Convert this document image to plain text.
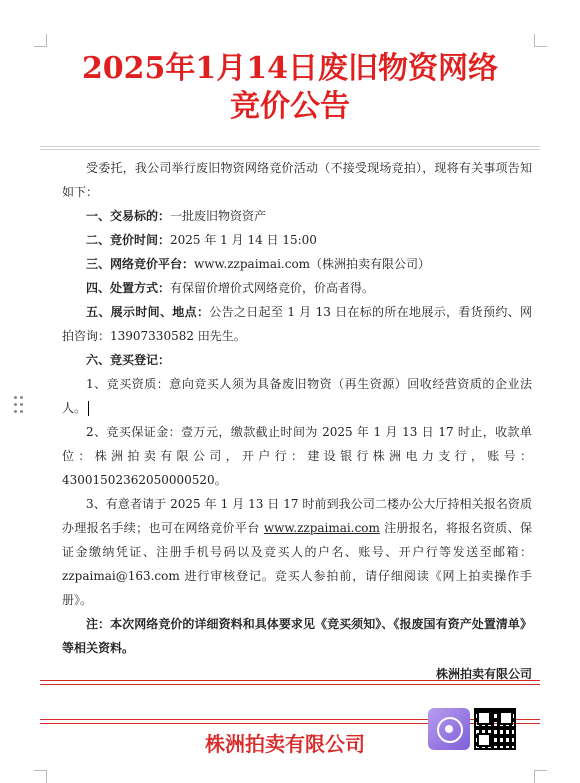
2025年1月14日废旧物资网络
竞价公告

受委托，我公司举行废旧物资网络竞价活动（不接受现场竞拍），现将有关事项告知如下：

一、交易标的：一批废旧物资资产

二、竞价时间：2025 年 1 月 14 日 15:00

三、网络竞价平台：www.zzpaimai.com（株洲拍卖有限公司）

四、处置方式：有保留价增价式网络竞价，价高者得。

五、展示时间、地点：公告之日起至 1 月 13 日在标的所在地展示，看货预约、网拍咨询：13907330582 田先生。

六、竞买登记：

1、竞买资质：意向竞买人须为具备废旧物资（再生资源）回收经营资质的企业法人。

2、竞买保证金：壹万元，缴款截止时间为 2025 年 1 月 13 日 17 时止，收款单位：株洲拍卖有限公司，开户行：建设银行株洲电力支行，账号：43001502362050000520。

3、有意者请于 2025 年 1 月 13 日 17 时前到我公司二楼办公大厅持相关报名资质办理报名手续；也可在网络竞价平台 www.zzpaimai.com 注册报名，将报名资质、保证金缴纳凭证、注册手机号码以及竞买人的户名、账号、开户行等发送至邮箱：zzpaimai@163.com 进行审核登记。竞买人参拍前，请仔细阅读《网上拍卖操作手册》。

注：本次网络竞价的详细资料和具体要求见《竞买须知》、《报废国有资产处置清单》等相关资料。

株洲拍卖有限公司
株洲拍卖有限公司
